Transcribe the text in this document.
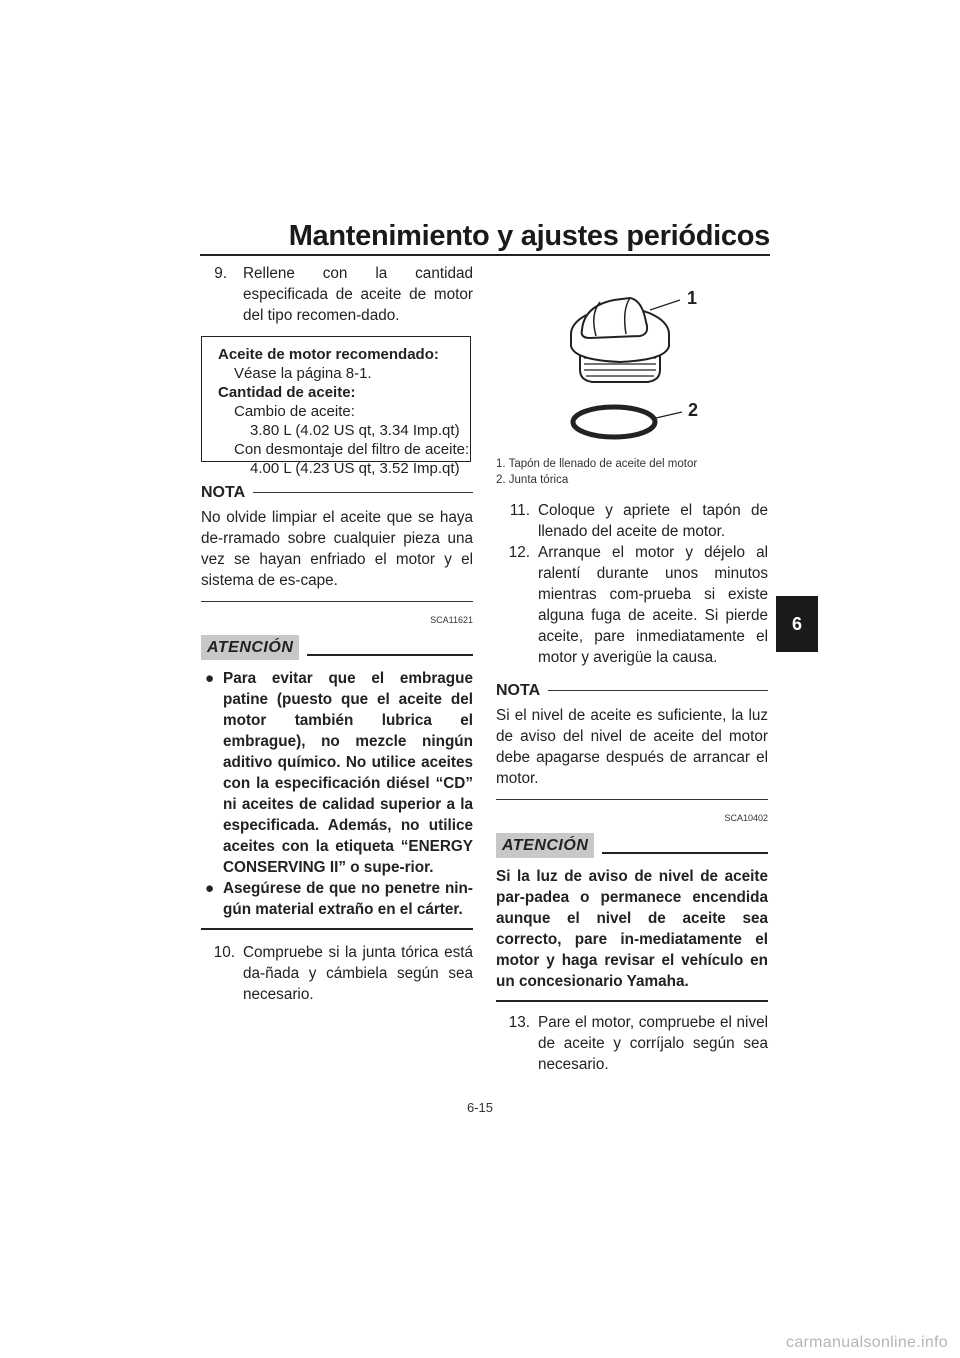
Mantenimiento y ajustes periódicos
6
9. Rellene con la cantidad especificada de aceite de motor del tipo recomen-dado.
Aceite de motor recomendado:
Véase la página 8-1.
Cantidad de aceite:
Cambio de aceite:
3.80 L (4.02 US qt, 3.34 Imp.qt)
Con desmontaje del filtro de aceite:
4.00 L (4.23 US qt, 3.52 Imp.qt)
NOTA
No olvide limpiar el aceite que se haya de-rramado sobre cualquier pieza una vez se hayan enfriado el motor y el sistema de es-cape.
SCA11621
ATENCIÓN
● Para evitar que el embrague patine (puesto que el aceite del motor también lubrica el embrague), no mezcle ningún aditivo químico. No utilice aceites con la especificación diésel “CD” ni aceites de calidad superior a la especificada. Además, no utilice aceites con la etiqueta “ENERGY CONSERVING II” o supe-rior.
● Asegúrese de que no penetre nin-gún material extraño en el cárter.
10. Compruebe si la junta tórica está da-ñada y cámbiela según sea necesario.
1
2
1. Tapón de llenado de aceite del motor
2. Junta tórica
11. Coloque y apriete el tapón de llenado del aceite de motor.
12. Arranque el motor y déjelo al ralentí durante unos minutos mientras com-prueba si existe alguna fuga de aceite. Si pierde aceite, pare inmediatamente el motor y averigüe la causa.
NOTA
Si el nivel de aceite es suficiente, la luz de aviso del nivel de aceite del motor debe apagarse después de arrancar el motor.
SCA10402
ATENCIÓN
Si la luz de aviso de nivel de aceite par-padea o permanece encendida aunque el nivel de aceite sea correcto, pare in-mediatamente el motor y haga revisar el vehículo en un concesionario Yamaha.
13. Pare el motor, compruebe el nivel de aceite y corríjalo según sea necesario.
6-15
carmanualsonline.info
